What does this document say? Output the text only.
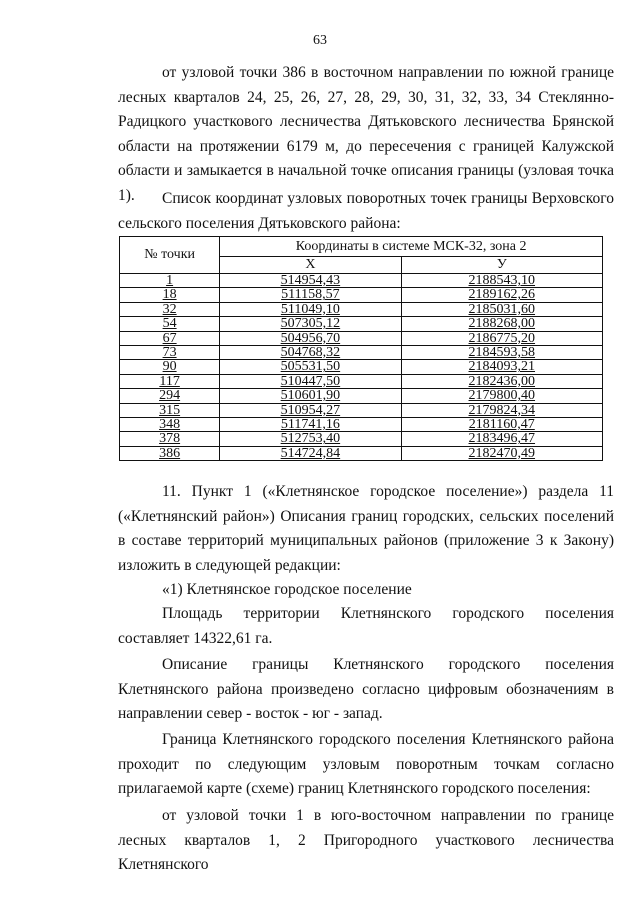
63

от узловой точки 386 в восточном направлении по южной границе лесных кварталов 24, 25, 26, 27, 28, 29, 30, 31, 32, 33, 34 Стеклянно-Радицкого участкового лесничества Дятьковского лесничества Брянской области на протяжении 6179 м, до пересечения с границей Калужской области и замыкается в начальной точке описания границы (узловая точка 1).	Список координат узловых поворотных точек границы Верховского сельского поселения Дятьковского района:

№ точки	Координаты в системе МСК-32, зона 2	
	X	У
1	514954,43	2188543,10
18	511158,57	2189162,26
32	511049,10	2185031,60
54	507305,12	2188268,00
67	504956,70	2186775,20
73	504768,32	2184593,58
90	505531,50	2184093,21
117	510447,50	2182436,00
294	510601,90	2179800,40
315	510954,27	2179824,34
348	511741,16	2181160,47
378	512753,40	2183496,47
386	514724,84	2182470,49

11. Пункт 1 («Клетнянское городское поселение») раздела 11 («Клетнянский район») Описания границ городских, сельских поселений в составе территорий муниципальных районов (приложение 3 к Закону) изложить в следующей редакции:

«1) Клетнянское городское поселение

Площадь территории Клетнянского городского поселения составляет 14322,61 га.

Описание границы Клетнянского городского поселения Клетнянского района произведено согласно цифровым обозначениям в направлении север - восток - юг - запад.

Граница Клетнянского городского поселения Клетнянского района проходит по следующим узловым поворотным точкам согласно прилагаемой карте (схеме) границ Клетнянского городского поселения:

от узловой точки 1 в юго-восточном направлении по границе лесных кварталов 1, 2 Пригородного участкового лесничества Клетнянского
